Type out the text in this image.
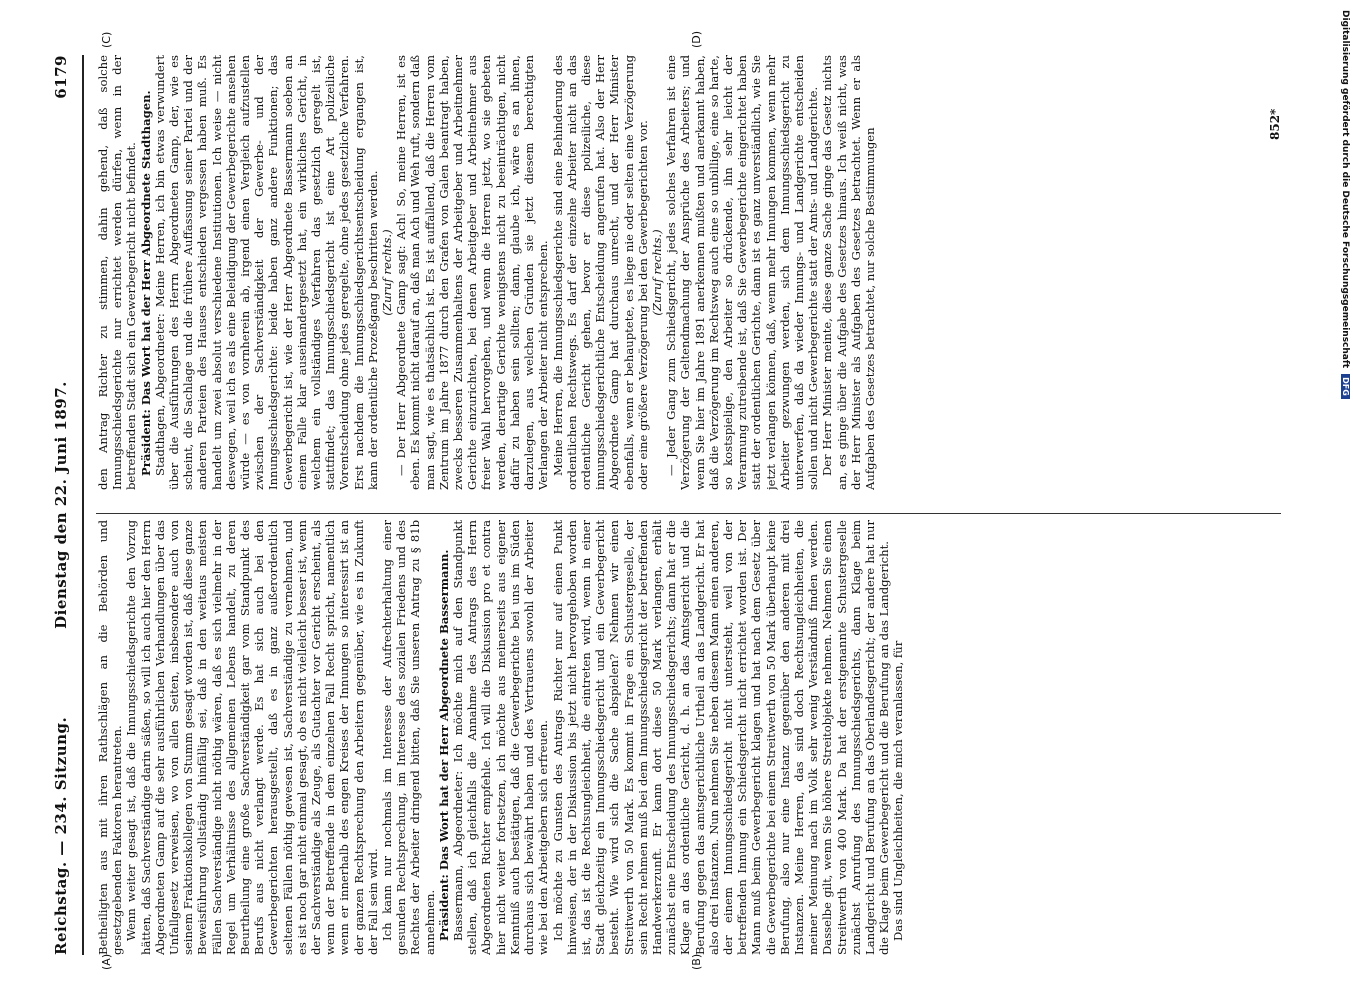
Reichstag. — 234. Sitzung.
Dienstag den 22. Juni 1897.
6179
(A)	(B)
(C)	(D)

Betheiligten aus mit ihren Rathschlägen an die Behörden und gesetzgebenden Faktoren herantreten. Wenn weiter gesagt ist, daß die Innungsschiedsgerichte den Vorzug hätten, daß Sachverständige darin säßen, so will ich auch hier den Herrn Abgeordneten Gamp auf die sehr ausführlichen Verhandlungen über das Unfallgesetz verweisen, wo von allen Seiten, insbesondere auch von seinem Fraktionskollegen von Stumm gesagt worden ist, daß diese ganze Beweisführung vollständig hinfällig sei, daß in den weitaus meisten Fällen Sachverständige nicht nöthig wären, daß es sich vielmehr in der Regel um Verhältnisse des allgemeinen Lebens handelt, zu deren Beurtheilung eine große Sachverständigkeit gar vom Standpunkt des Berufs aus nicht verlangt werde. Es hat sich auch bei den Gewerbegerichten herausgestellt, daß es in ganz außerordentlich seltenen Fällen nöthig gewesen ist, Sachverständige zu vernehmen, und es ist noch gar nicht einmal gesagt, ob es nicht vielleicht besser ist, wenn der Sachverständige als Zeuge, als Gutachter vor Gericht erscheint, als wenn der Betreffende in dem einzelnen Fall Recht spricht, namentlich wenn er innerhalb des engen Kreises der Innungen so interessirt ist an der ganzen Rechtsprechung den Arbeitern gegenüber, wie es in Zukunft der Fall sein wird. Ich kann nur nochmals im Interesse der Aufrechterhaltung einer gesunden Rechtsprechung, im Interesse des sozialen Friedens und des Rechtes der Arbeiter dringend bitten, daß Sie unseren Antrag zu § 81b annehmen. Präsident: Das Wort hat der Herr Abgeordnete Bassermann. Bassermann, Abgeordneter: Ich möchte mich auf den Standpunkt stellen, daß ich gleichfalls die Annahme des Antrags des Herrn Abgeordneten Richter empfehle. Ich will die Diskussion pro et contra hier nicht weiter fortsetzen, ich möchte aus meinerseits aus eigener Kenntniß auch bestätigen, daß die Gewerbegerichte bei uns im Süden durchaus sich bewährt haben und des Vertrauens sowohl der Arbeiter wie bei den Arbeitgebern sich erfreuen. Ich möchte zu Gunsten des Antrags Richter nur auf einen Punkt hinweisen, der in der Diskussion bis jetzt nicht hervorgehoben worden ist, das ist die Rechtsungleichheit, die eintreten wird, wenn in einer Stadt gleichzeitig ein Innungsschiedsgericht und ein Gewerbegericht besteht. Wie wird sich die Sache abspielen? Nehmen wir einen Streitwerth von 50 Mark. Es kommt in Frage ein Schustergeselle, der sein Recht nehmen muß bei dem Innungsschiedsgericht der betreffenden Handwerkerzunft. Er kann dort diese 50 Mark verlangen, erhält zunächst eine Entscheidung des Innungsschiedsgerichts; dann hat er die Klage an das ordentliche Gericht, d. h. an das Amtsgericht und die Berufung gegen das amtsgerichtliche Urtheil an das Landgericht. Er hat also drei Instanzen. Nun nehmen Sie neben diesem Mann einen anderen, der einem Innungsschiedsgericht nicht untersteht, weil von der betreffenden Innung ein Schiedsgericht nicht errichtet worden ist. Der Mann muß beim Gewerbegericht klagen und hat nach dem Gesetz über die Gewerbegerichte bei einem Streitwerth von 50 Mark überhaupt keine Berufung, also nur eine Instanz gegenüber den anderen mit drei Instanzen. Meine Herren, das sind doch Rechtsungleichheiten, die meiner Meinung nach im Volk sehr wenig Verständniß finden werden. Dasselbe gilt, wenn Sie höhere Streitobjekte nehmen. Nehmen Sie einen Streitwerth von 400 Mark. Da hat der erstgenannte Schustergeselle zunächst Anrufung des Innungsschiedsgerichts, dann Klage beim Landgericht und Berufung an das Oberlandesgericht; der andere hat nur die Klage beim Gewerbegericht und die Berufung an das Landgericht. Das sind Ungleichheiten, die mich veranlassen, für

den Antrag Richter zu stimmen, dahin gehend, daß solche Innungsschiedsgerichte nur errichtet werden dürfen, wenn in der betreffenden Stadt sich ein Gewerbegericht nicht befindet. Präsident: Das Wort hat der Herr Abgeordnete Stadthagen. Stadthagen, Abgeordneter: Meine Herren, ich bin etwas verwundert über die Ausführungen des Herrn Abgeordneten Gamp, der, wie es scheint, die Sachlage und die frühere Auffassung seiner Partei und der anderen Parteien des Hauses entschieden vergessen haben muß. Es handelt um zwei absolut verschiedene Institutionen. Ich weise — nicht deswegen, weil ich es als eine Beleidigung der Gewerbegerichte ansehen würde — es von vornherein ab, irgend einen Vergleich aufzustellen zwischen der Sachverständigkeit der Gewerbe- und der Innungsschiedsgerichte: beide haben ganz andere Funktionen; das Gewerbegericht ist, wie der Herr Abgeordnete Bassermann soeben an einem Falle klar auseinandergesetzt hat, ein wirkliches Gericht, in welchem ein vollständiges Verfahren das gesetzlich geregelt ist, stattfindet; das Innungsschiedsgericht ist eine Art polizeiliche Vorentscheidung ohne jedes geregelte, ohne jedes gesetzliche Verfahren. Erst nachdem die Innungsschiedsgerichtsentscheidung ergangen ist, kann der ordentliche Prozeßgang beschritten werden. (Zuruf rechts.) — Der Herr Abgeordnete Gamp sagt: Ach! So, meine Herren, ist es eben. Es kommt nicht darauf an, daß man Ach und Weh ruft, sondern daß man sagt, wie es thatsächlich ist. Es ist auffallend, daß die Herren vom Zentrum im Jahre 1877 durch den Grafen von Galen beantragt haben, zwecks besseren Zusammenhaltens der Arbeitgeber und Arbeitnehmer Gerichte einzurichten, bei denen Arbeitgeber und Arbeitnehmer aus freier Wahl hervorgehen, und wenn die Herren jetzt, wo sie gebeten werden, derartige Gerichte wenigstens nicht zu beeinträchtigen, nicht dafür zu haben sein sollten; dann, glaube ich, wäre es an ihnen, darzulegen, aus welchen Gründen sie jetzt diesem berechtigten Verlangen der Arbeiter nicht entsprechen. Meine Herren, die Innungsschiedsgerichte sind eine Behinderung des ordentlichen Rechtswegs. Es darf der einzelne Arbeiter nicht an das ordentliche Gericht gehen, bevor er diese polizeiliche, diese innungsschiedsgerichtliche Entscheidung angerufen hat. Also der Herr Abgeordnete Gamp hat durchaus unrecht, und der Herr Minister ebenfalls, wenn er behauptete, es liege nie oder selten eine Verzögerung oder eine größere Verzögerung bei den Gewerbegerichten vor. (Zuruf rechts.) — Jeder Gang zum Schiedsgericht, jedes solches Verfahren ist eine Verzögerung der Geltendmachung der Ansprüche des Arbeiters; und wenn Sie hier im Jahre 1891 anerkennen mußten und anerkannt haben, daß die Verzögerung im Rechtsweg auch eine so unbillige, eine so harte, so kostspielige, den Arbeiter so drückende, ihn sehr leicht der Verarmung zutreibende ist, daß Sie Gewerbegerichte eingerichtet haben statt der ordentlichen Gerichte, dann ist es ganz unverständlich, wie Sie jetzt verlangen können, daß, wenn mehr Innungen kommen, wenn mehr Arbeiter gezwungen werden, sich dem Innungsschiedsgericht zu unterwerfen, daß da wieder Innungs- und Landgerichte entscheiden sollen und nicht Gewerbegerichte statt der Amts- und Landgerichte. Der Herr Minister meinte, diese ganze Sache ginge das Gesetz nichts an, es ginge über die Aufgabe des Gesetzes hinaus. Ich weiß nicht, was der Herr Minister als Aufgaben des Gesetzes betrachtet. Wenn er als Aufgaben des Gesetzes betrachtet, nur solche Bestimmungen

852*	Digitalisierung gefördert durch die Deutsche ForschungsgemeinschaftDFG
